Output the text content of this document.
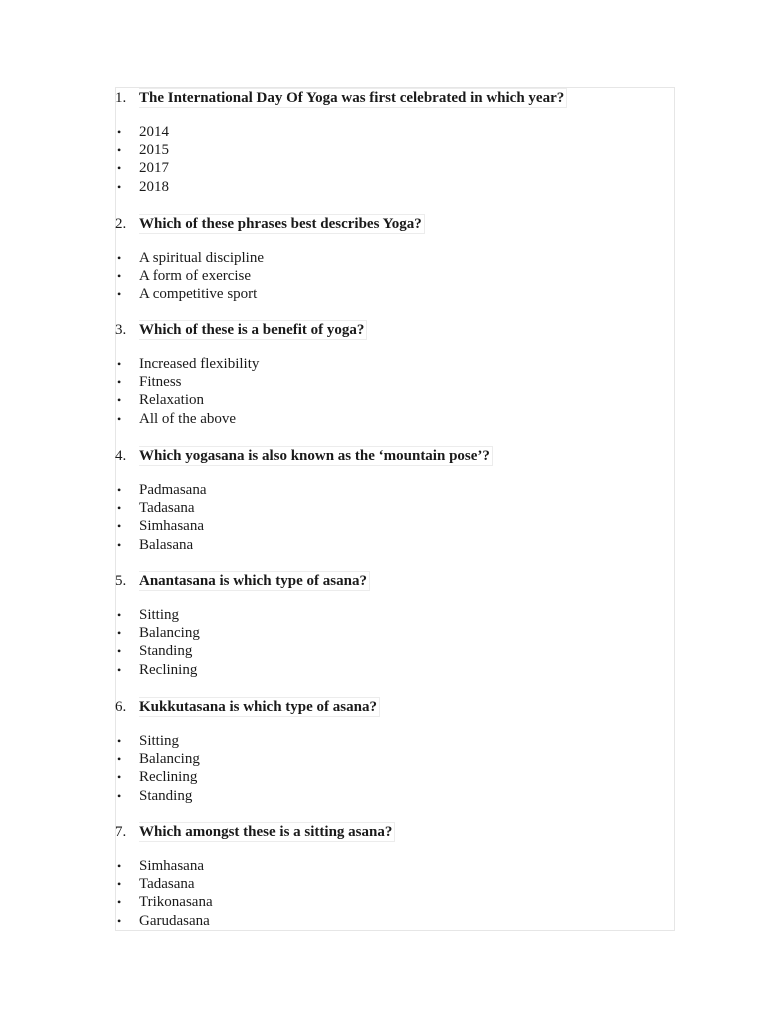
1. The International Day Of Yoga was first celebrated in which year?
•	2014
•	2015
•	2017
•	2018
2. Which of these phrases best describes Yoga?
•	A spiritual discipline
•	A form of exercise
•	A competitive sport
3. Which of these is a benefit of yoga?
•	Increased flexibility
•	Fitness
•	Relaxation
•	All of the above
4. Which yogasana is also known as the ‘mountain pose’?
•	Padmasana
•	Tadasana
•	Simhasana
•	Balasana
5. Anantasana is which type of asana?
•	Sitting
•	Balancing
•	Standing
•	Reclining
6. Kukkutasana is which type of asana?
•	Sitting
•	Balancing
•	Reclining
•	Standing
7. Which amongst these is a sitting asana?
•	Simhasana
•	Tadasana
•	Trikonasana
•	Garudasana
